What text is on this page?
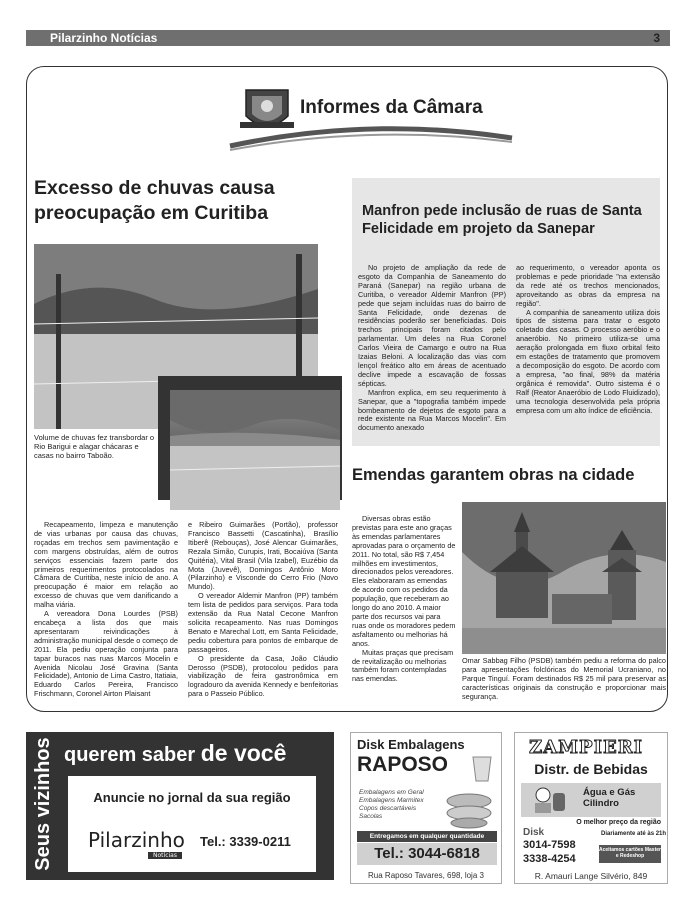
Pilarzinho Notícias	3
Informes da Câmara
Excesso de chuvas causa preocupação em Curitiba
Volume de chuvas fez transbordar o Rio Barigui e alagar chácaras e casas no bairro Taboão.

Recapeamento, limpeza e manutenção de vias urbanas por causa das chuvas, roçadas em trechos sem pavimentação e com margens obstruídas, além de outros serviços essenciais fazem parte dos primeiros requerimentos protocolados na Câmara de Curitiba, neste início de ano. A preocupação é maior em relação ao excesso de chuvas que vem danificando a malha viária.

A vereadora Dona Lourdes (PSB) encabeça a lista dos que mais apresentaram reivindicações à administração municipal desde o começo de 2011. Ela pediu operação conjunta para tapar buracos nas ruas Marcos Mocelin e Avenida Nicolau José Gravina (Santa Felicidade), Antonio de Lima Castro, Itatiaia, Eduardo Carlos Pereira, Francisco Frischmann, Coronel Airton Plaisant

e Ribeiro Guimarães (Portão), professor Francisco Bassetti (Cascatinha), Brasílio Itiberê (Rebouças), José Alencar Guimarães, Rezala Simão, Curupis, Irati, Bocaiúva (Santa Quitéria), Vital Brasil (Vila Izabel), Euzébio da Mota (Juvevê), Domingos Antônio Moro (Pilarzinho) e Visconde do Cerro Frio (Novo Mundo).

O vereador Aldemir Manfron (PP) também tem lista de pedidos para serviços. Para toda extensão da Rua Natal Cecone Manfron solicita recapeamento. Nas ruas Domingos Benato e Marechal Lott, em Santa Felicidade, pediu cobertura para pontos de embarque de passageiros.

O presidente da Casa, João Cláudio Derosso (PSDB), protocolou pedidos para viabilização de feira gastronômica em logradouro da avenida Kennedy e benfeitorias para o Passeio Público.

Manfron pede inclusão de ruas de Santa Felicidade em projeto da Sanepar

No projeto de ampliação da rede de esgoto da Companhia de Saneamento do Paraná (Sanepar) na região urbana de Curitiba, o vereador Aldemir Manfron (PP) pede que sejam incluídas ruas do bairro de Santa Felicidade, onde dezenas de residências poderão ser beneficiadas. Dois trechos principais foram citados pelo parlamentar. Um deles na Rua Coronel Carlos Vieira de Camargo e outro na Rua Izaias Beloni. A localização das vias com lençol freático alto em áreas de acentuado declive impede a escavação de fossas sépticas.

Manfron explica, em seu requerimento à Sanepar, que a "topografia também impede bombeamento de dejetos de esgoto para a rede existente na Rua Marcos Mocelin". Em documento anexado

ao requerimento, o vereador aponta os problemas e pede prioridade "na extensão da rede até os trechos mencionados, aproveitando as obras da empresa na região".

A companhia de saneamento utiliza dois tipos de sistema para tratar o esgoto coletado das casas. O processo aeróbio e o anaeróbio. No primeiro utiliza-se uma aeração prolongada em fluxo orbital feito em estações de tratamento que promovem a decomposição do esgoto. De acordo com a empresa, "ao final, 98% da matéria orgânica é removida". Outro sistema é o Ralf (Reator Anaeróbio de Lodo Fluidizado), uma tecnologia desenvolvida pela própria empresa com um alto índice de eficiência.

Emendas garantem obras na cidade

Diversas obras estão previstas para este ano graças às emendas parlamentares aprovadas para o orçamento de 2011. No total, são R$ 7,454 milhões em investimentos, direcionados pelos vereadores. Eles elaboraram as emendas de acordo com os pedidos da população, que receberam ao longo do ano 2010. A maior parte dos recursos vai para ruas onde os moradores pedem asfaltamento ou melhorias há anos.

Muitas praças que precisam de revitalização ou melhorias também foram contempladas nas emendas.

Omar Sabbag Filho (PSDB) também pediu a reforma do palco para apresentações folclóricas do Memorial Ucraniano, no Parque Tinguí. Foram destinados R$ 25 mil para preservar as características originais da construção e proporcionar mais segurança.
Seus vizinhos querem saber de você
Anuncie no jornal da sua região
Pilarzinho
Notícias
Tel.: 3339-0211
Disk Embalagens
RAPOSO
Embalagens em Geral
Embalagens Marmitex
Copos descartáveis
Sacolas
Entregamos em qualquer quantidade
Tel.: 3044-6818
Rua Raposo Tavares, 698, loja 3
ZAMPIERI
Distr. de Bebidas
Água e Gás Cilindro
O melhor preço da região
Disk
3014-7598
3338-4254
Diariamente até às 21h
Aceitamos cartões Master e Redeshop
R. Amauri Lange Silvério, 849
